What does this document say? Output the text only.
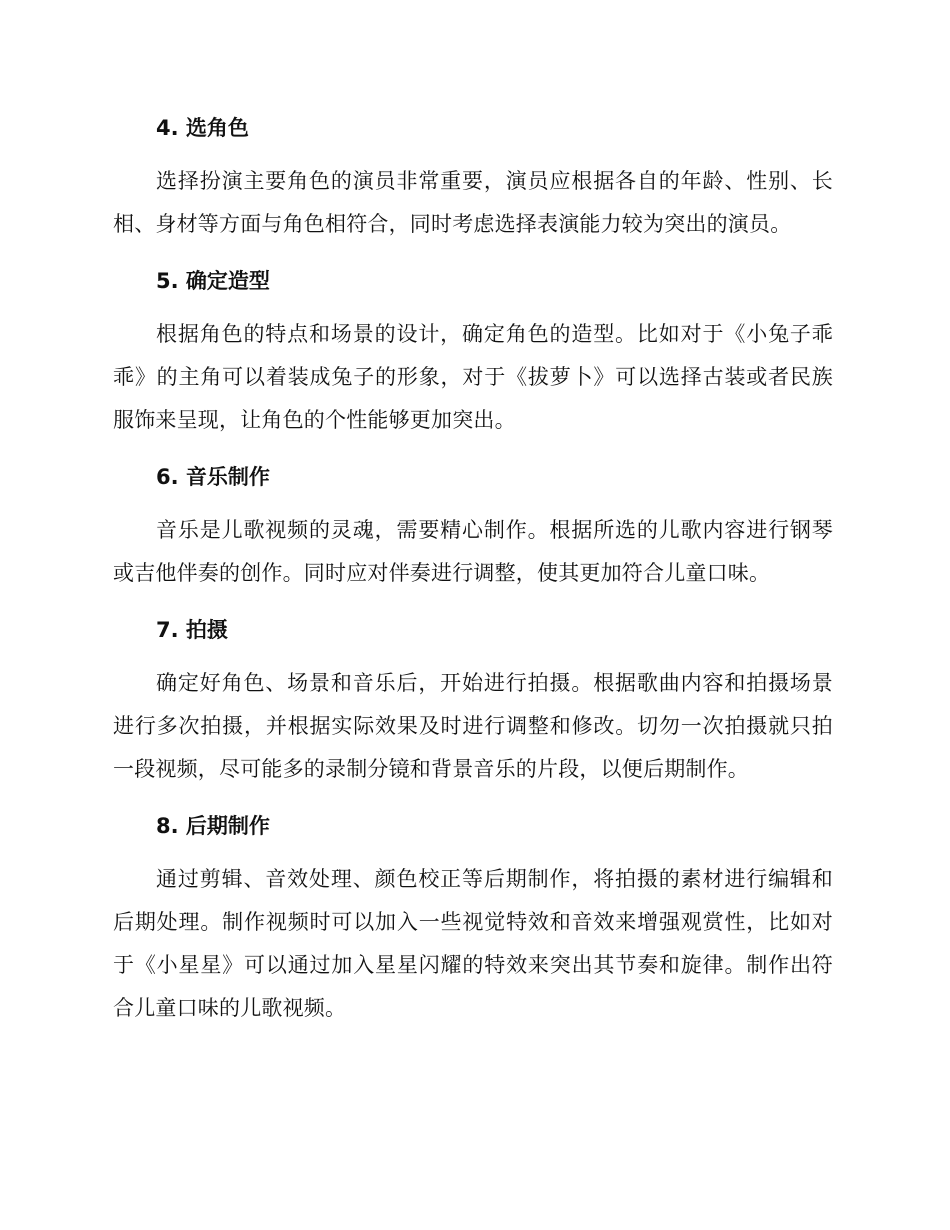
4. 选角色
选择扮演主要角色的演员非常重要，演员应根据各自的年龄、性别、长相、身材等方面与角色相符合，同时考虑选择表演能力较为突出的演员。
5. 确定造型
根据角色的特点和场景的设计，确定角色的造型。比如对于《小兔子乖乖》的主角可以着装成兔子的形象，对于《拔萝卜》可以选择古装或者民族服饰来呈现，让角色的个性能够更加突出。
6. 音乐制作
音乐是儿歌视频的灵魂，需要精心制作。根据所选的儿歌内容进行钢琴或吉他伴奏的创作。同时应对伴奏进行调整，使其更加符合儿童口味。
7. 拍摄
确定好角色、场景和音乐后，开始进行拍摄。根据歌曲内容和拍摄场景进行多次拍摄，并根据实际效果及时进行调整和修改。切勿一次拍摄就只拍一段视频，尽可能多的录制分镜和背景音乐的片段，以便后期制作。
8. 后期制作
通过剪辑、音效处理、颜色校正等后期制作，将拍摄的素材进行编辑和后期处理。制作视频时可以加入一些视觉特效和音效来增强观赏性，比如对于《小星星》可以通过加入星星闪耀的特效来突出其节奏和旋律。制作出符合儿童口味的儿歌视频。
